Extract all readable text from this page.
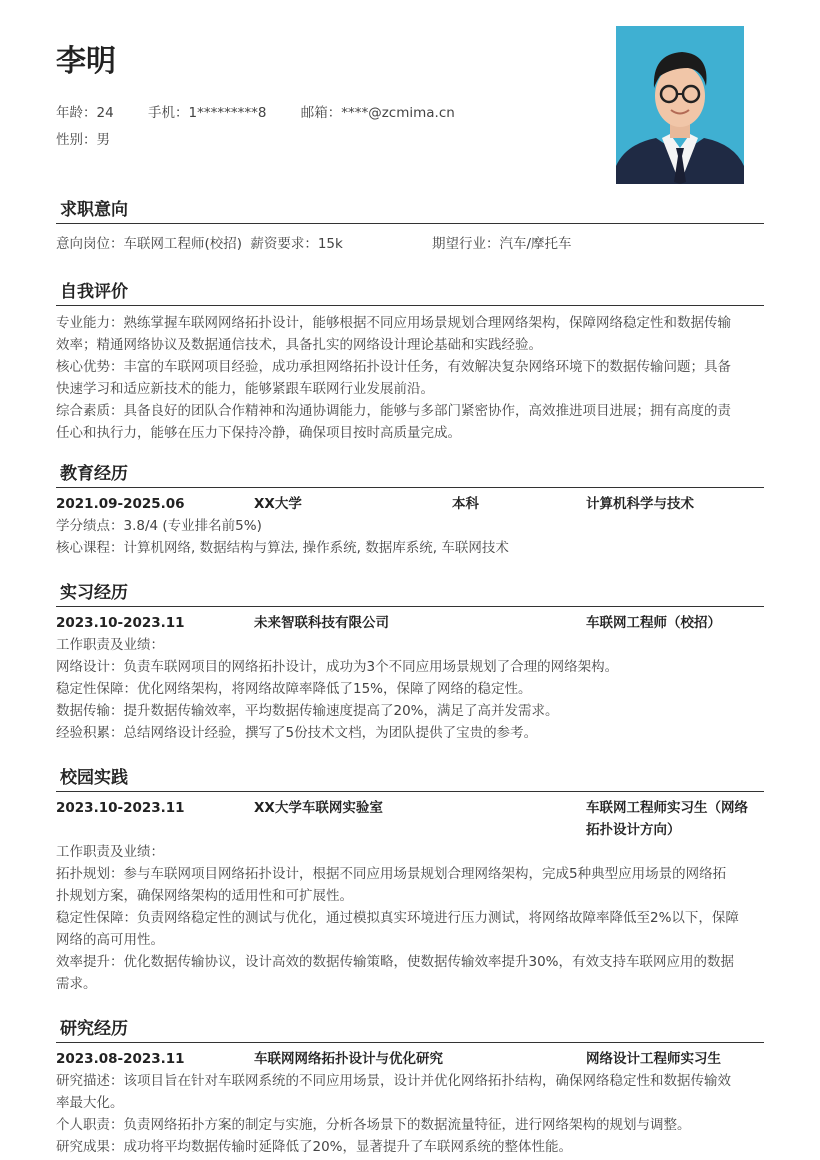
李明
年龄：24	手机：1*********8	邮箱：****@zcmima.cn
性别：男
求职意向
意向岗位：车联网工程师(校招) 薪资要求：15k	期望行业：汽车/摩托车
自我评价

专业能力：熟练掌握车联网网络拓扑设计，能够根据不同应用场景规划合理网络架构，保障网络稳定性和数据传输

效率；精通网络协议及数据通信技术，具备扎实的网络设计理论基础和实践经验。

核心优势：丰富的车联网项目经验，成功承担网络拓扑设计任务，有效解决复杂网络环境下的数据传输问题；具备

快速学习和适应新技术的能力，能够紧跟车联网行业发展前沿。

综合素质：具备良好的团队合作精神和沟通协调能力，能够与多部门紧密协作，高效推进项目进展；拥有高度的责

任心和执行力，能够在压力下保持冷静，确保项目按时高质量完成。

教育经历
2021.09-2025.06	XX大学	本科	计算机科学与技术

学分绩点：3.8/4 (专业排名前5%)

核心课程：计算机网络, 数据结构与算法, 操作系统, 数据库系统, 车联网技术

实习经历
2023.10-2023.11	未来智联科技有限公司	车联网工程师（校招）

工作职责及业绩：

网络设计：负责车联网项目的网络拓扑设计，成功为3个不同应用场景规划了合理的网络架构。

稳定性保障：优化网络架构，将网络故障率降低了15%，保障了网络的稳定性。

数据传输：提升数据传输效率，平均数据传输速度提高了20%，满足了高并发需求。

经验积累：总结网络设计经验，撰写了5份技术文档，为团队提供了宝贵的参考。

校园实践
2023.10-2023.11	XX大学车联网实验室	车联网工程师实习生（网络
拓扑设计方向）

工作职责及业绩：

拓扑规划：参与车联网项目网络拓扑设计，根据不同应用场景规划合理网络架构，完成5种典型应用场景的网络拓

扑规划方案，确保网络架构的适用性和可扩展性。

稳定性保障：负责网络稳定性的测试与优化，通过模拟真实环境进行压力测试，将网络故障率降低至2%以下，保障

网络的高可用性。

效率提升：优化数据传输协议，设计高效的数据传输策略，使数据传输效率提升30%，有效支持车联网应用的数据

需求。

研究经历
2023.08-2023.11	车联网网络拓扑设计与优化研究	网络设计工程师实习生

研究描述：该项目旨在针对车联网系统的不同应用场景，设计并优化网络拓扑结构，确保网络稳定性和数据传输效

率最大化。

个人职责：负责网络拓扑方案的制定与实施，分析各场景下的数据流量特征，进行网络架构的规划与调整。

研究成果：成功将平均数据传输时延降低了20%，显著提升了车联网系统的整体性能。
